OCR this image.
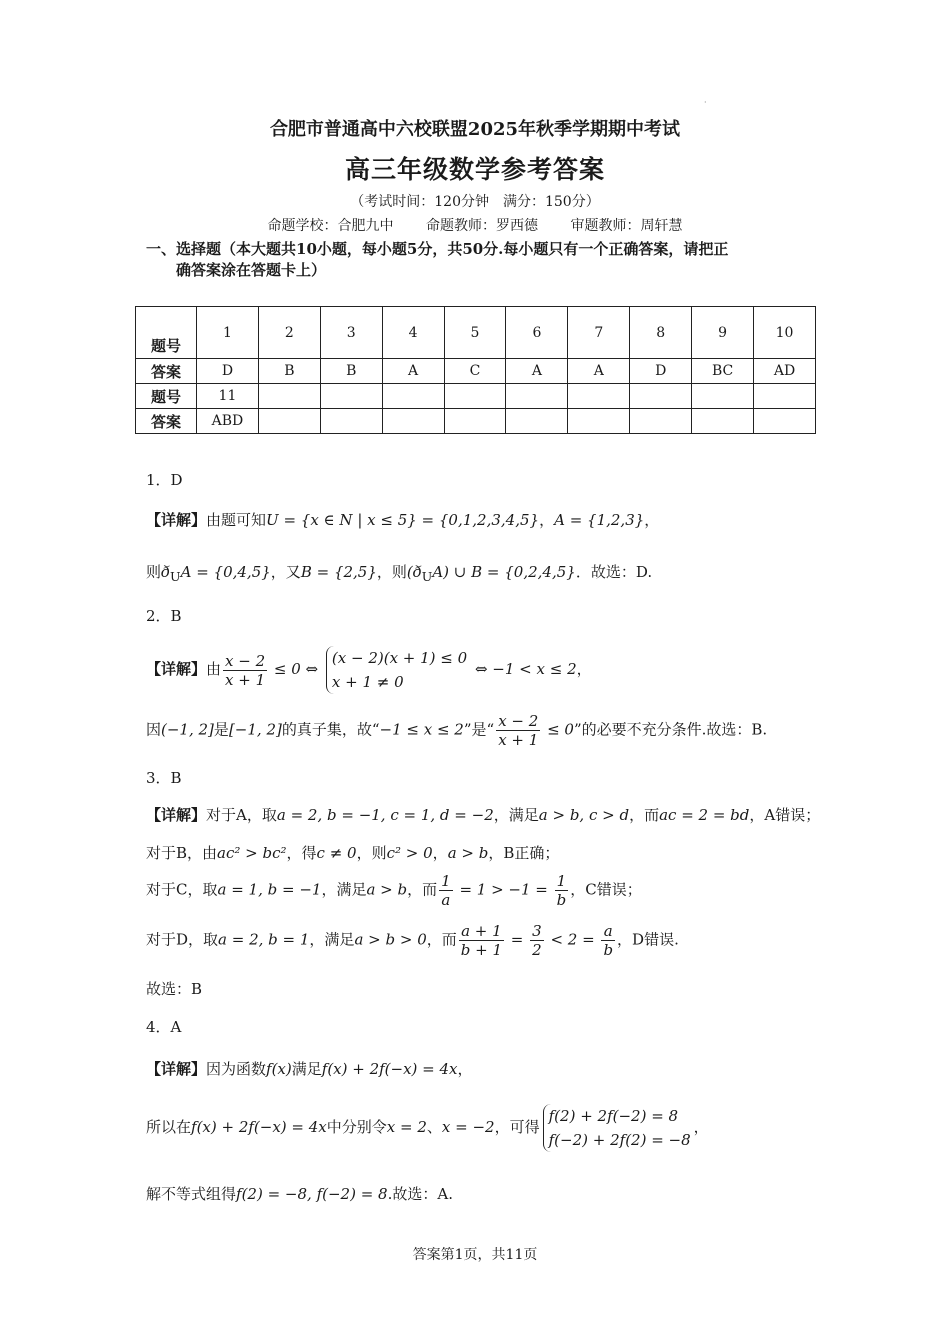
·
合肥市普通高中六校联盟2025年秋季学期期中考试
高三年级数学参考答案
（考试时间：120分钟　满分：150分）
命题学校：合肥九中 命题教师：罗西德 审题教师：周轩慧
一、选择题（本大题共10小题，每小题5分，共50分.每小题只有一个正确答案，请把正
确答案涂在答题卡上）
题号	1	2	3	4	5	6	7	8	9	10
答案	D	B	B	A	C	A	A	D	BC	AD
题号	11									
答案	ABD									
1．D
【详解】由题可知U = {x ∈ N | x ≤ 5} = {0,1,2,3,4,5}，A = {1,2,3}，
则$ð_UA = \{0,4,5\}$，又B = {2,5}，则$(ð_UA)$ ∪ B = {0,2,4,5}．故选：D.
2．B
【详解】由 $\frac{x - 2}{x + 1} \le 0$ ⇔
(x − 2)(x + 1) ≤ 0
x + 1 ≠ 0
⇔ −1 < x ≤ 2，
因(−1, 2]是[−1, 2]的真子集，故“−1 ≤ x ≤ 2”是“ $\frac{x - 2}{x + 1} \le 0$”的必要不充分条件.故选：B.
3．B
【详解】对于A，取a = 2, b = −1, c = 1, d = −2，满足a > b, c > d，而ac = 2 = bd，A错误；
对于B，由ac² > bc²，得c ≠ 0，则c² > 0，a > b，B正确；
对于C，取a = 1, b = −1，满足a > b，而 $\frac{1}{a} = 1 > -1 = \frac{1}{b}$ ，C错误；
对于D，取a = 2, b = 1，满足a > b > 0，而 $\frac{a + 1}{b + 1} = \frac{3}{2} < 2 = \frac{a}{b}$ ，D错误.
故选：B
4．A
【详解】因为函数f(x)满足f(x) + 2f(−x) = 4x，
所以在f(x) + 2f(−x) = 4x中分别令x = 2、x = −2，可得
f(2) + 2f(−2) = 8
f(−2) + 2f(2) = −8
，
解不等式组得f(2) = −8, f(−2) = 8.故选：A.
答案第1页，共11页
